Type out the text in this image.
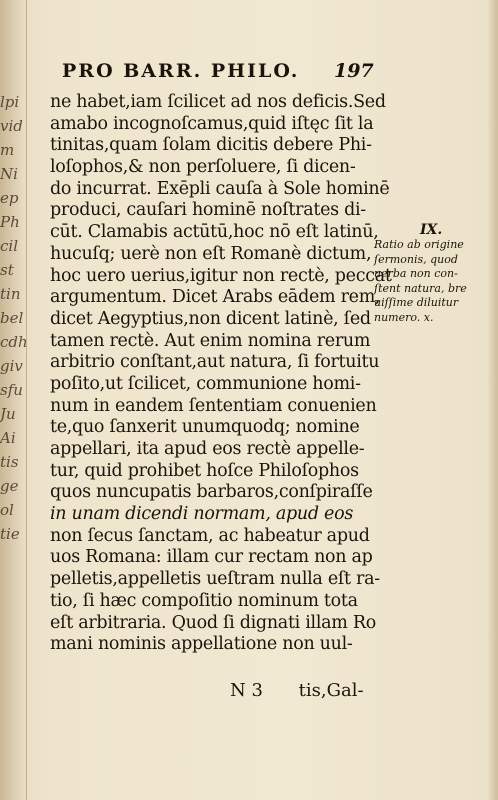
lpi
vid
m
Ni
ep
Ph
cil
st
tin
bel
cdh
giv
sfu
Ju
Ai
tis
ge
ol
tie
PRO BARR. PHILO.	197
ne habet,iam ſcilicet ad nos deficis.Sed
amabo incognoſcamus,quid iſtęc ſit la
tinitas,quam ſolam dicitis debere Phi-
loſophos,& non perſoluere, ſi dicen-
do incurrat. Exēpli cauſa à Sole hominē
produci, cauſari hominē noſtrates di-
cūt. Clamabis actūtū,hoc nō eſt latinū,
hucuſq; uerè non eſt Romanè dictum,
hoc uero uerius,igitur non rectè, peccat
argumentum. Dicet Arabs eādem rem,
dicet Aegyptius,non dicent latinè, ſed
tamen rectè. Aut enim nomina rerum
arbitrio conſtant,aut natura, ſi fortuitu
poſito,ut ſcilicet, communione homi-
num in eandem ſententiam conuenien
te,quo ſanxerit unumquodq; nomine
appellari, ita apud eos rectè appelle-
tur, quid prohibet hoſce Philoſophos
quos nuncupatis barbaros,conſpiraſſe
in unam dicendi normam, apud eos
non ſecus ſanctam, ac habeatur apud
uos Romana: illam cur rectam non ap
pelletis,appelletis ueſtram nulla eſt ra-
tio, ſi hæc compoſitio nominum tota
eſt arbitraria. Quod ſi dignati illam Ro
mani nominis appellatione non uul-
IX.
Ratio ab origine
ſermonis, quod
uerba non con-
ſtent natura, bre
uiſſime diluitur
numero. x.
N 3 tis,Gal-
